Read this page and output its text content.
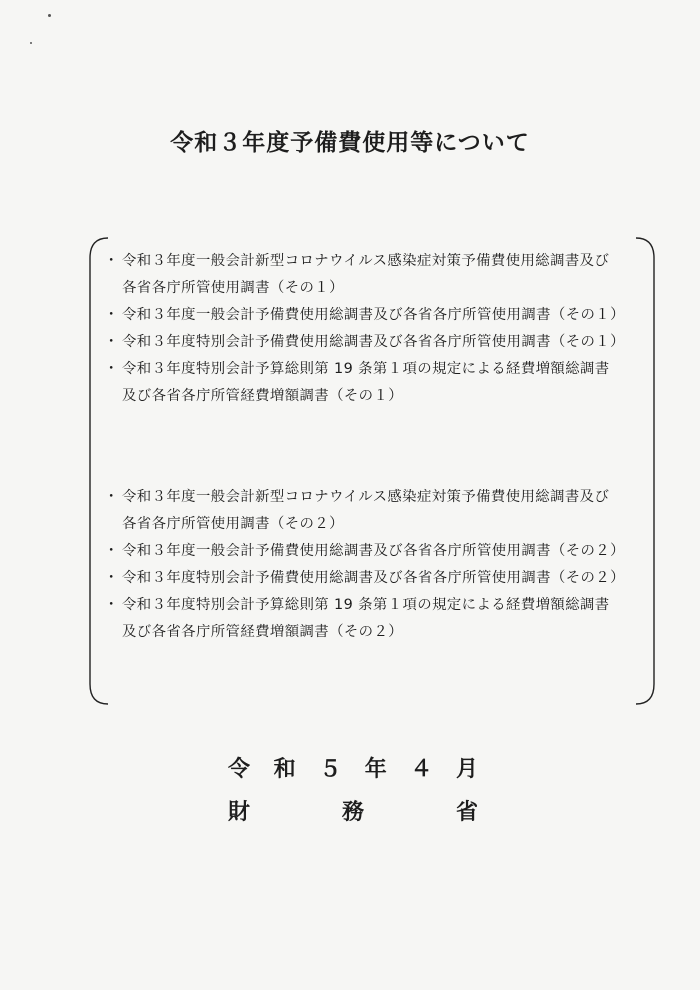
令和３年度予備費使用等について
・ 令和３年度一般会計新型コロナウイルス感染症対策予備費使用総調書及び各省各庁所管使用調書（その１）
・ 令和３年度一般会計予備費使用総調書及び各省各庁所管使用調書（その１）
・ 令和３年度特別会計予備費使用総調書及び各省各庁所管使用調書（その１）
・ 令和３年度特別会計予算総則第 19 条第１項の規定による経費増額総調書及び各省各庁所管経費増額調書（その１）
・ 令和３年度一般会計新型コロナウイルス感染症対策予備費使用総調書及び各省各庁所管使用調書（その２）
・ 令和３年度一般会計予備費使用総調書及び各省各庁所管使用調書（その２）
・ 令和３年度特別会計予備費使用総調書及び各省各庁所管使用調書（その２）
・ 令和３年度特別会計予算総則第 19 条第１項の規定による経費増額総調書及び各省各庁所管経費増額調書（その２）
令 和 ５ 年 ４ 月
財	務	省
